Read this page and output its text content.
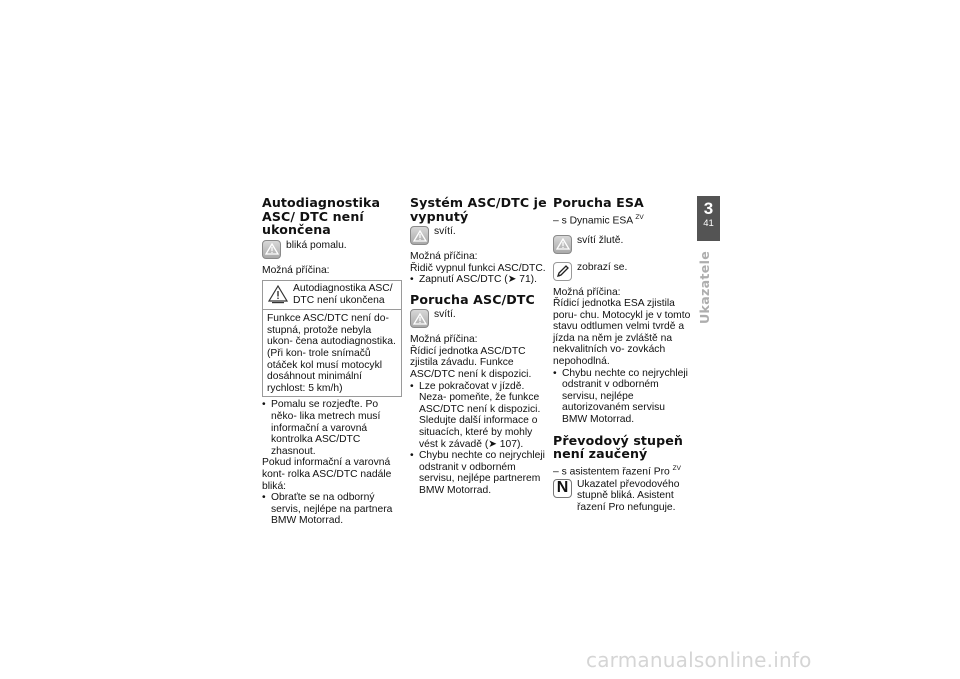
Autodiagnostika ASC/ DTC není ukončena
bliká pomalu.

Možná příčina:

Autodiagnostika ASC/ DTC není ukončena
Funkce ASC/DTC není do- stupná, protože nebyla ukon- čena autodiagnostika. (Při kon- trole snímačů otáček kol musí motocykl dosáhnout minimální rychlost: 5 km/h)

• Pomalu se rozjeďte. Po něko- lika metrech musí informační a varovná kontrolka ASC/DTC zhasnout.

Pokud informační a varovná kont- rolka ASC/DTC nadále bliká:

• Obraťte se na odborný servis, nejlépe na partnera BMW Motorrad.

Systém ASC/DTC je vypnutý
svítí.

Možná příčina:

Řidič vypnul funkci ASC/DTC.

• Zapnutí ASC/DTC (➤ 71).

Porucha ASC/DTC
svítí.

Možná příčina:

Řídicí jednotka ASC/DTC zjistila závadu. Funkce ASC/DTC není k dispozici.

• Lze pokračovat v jízdě. Neza- pomeňte, že funkce ASC/DTC není k dispozici. Sledujte další informace o situacích, které by mohly vést k závadě (➤ 107).

• Chybu nechte co nejrychleji odstranit v odborném servisu, nejlépe partnerem BMW Motorrad.

Porucha ESA

– s Dynamic ESA $^{ZV}$

svítí žlutě.
zobrazí se.

Možná příčina:

Řídicí jednotka ESA zjistila poru- chu. Motocykl je v tomto stavu odtlumen velmi tvrdě a jízda na něm je zvláště na nekvalitních vo- zovkách nepohodlná.

• Chybu nechte co nejrychleji odstranit v odborném servisu, nejlépe autorizovaném servisu BMW Motorrad.

Převodový stupeň není zaučený

– s asistentem řazení Pro $^{ZV}$

N Ukazatel převodového stupně bliká. Asistent řazení Pro nefunguje.
3
41
Ukazatele
carmanualsonline.info
